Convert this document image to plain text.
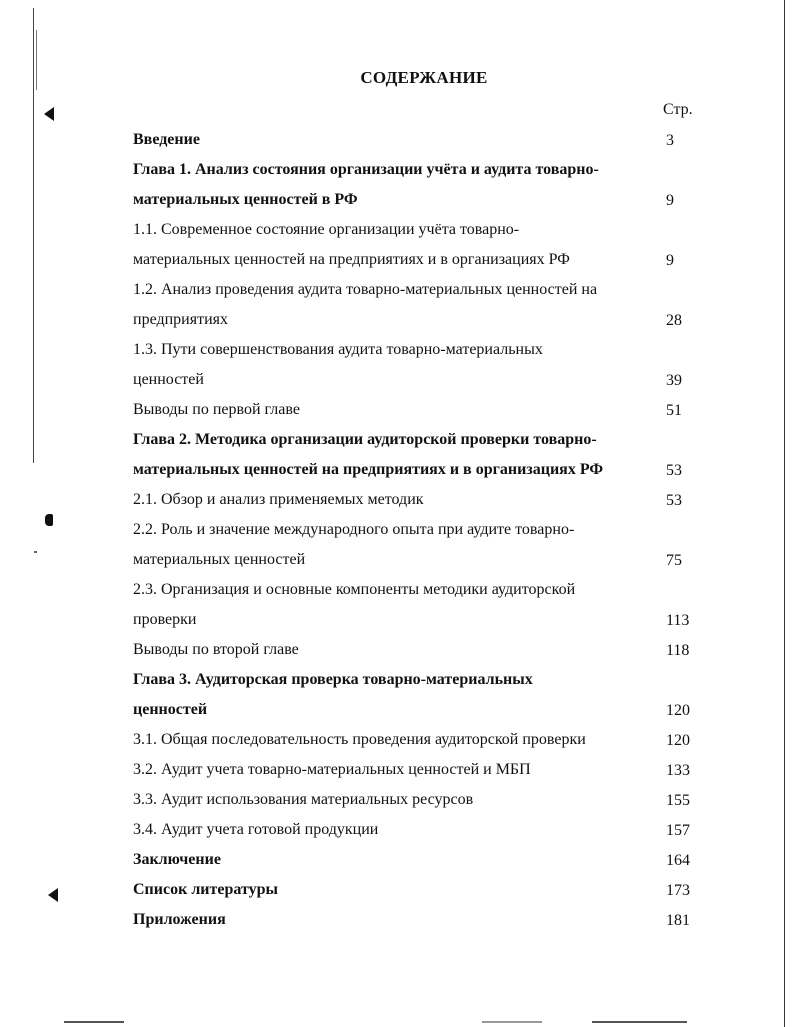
СОДЕРЖАНИЕ
Стр.
Введение	3
Глава 1. Анализ состояния организации учёта и аудита товарно-
материальных ценностей в РФ	9
1.1. Современное состояние организации учёта товарно-
материальных ценностей на предприятиях и в организациях РФ	9
1.2. Анализ проведения аудита товарно-материальных ценностей на
предприятиях	28
1.3. Пути совершенствования аудита товарно-материальных
ценностей	39
Выводы по первой главе	51
Глава 2. Методика организации аудиторской проверки товарно-
материальных ценностей на предприятиях и в организациях РФ	53
2.1. Обзор и анализ применяемых методик	53
2.2. Роль и значение международного опыта при аудите товарно-
материальных ценностей	75
2.3. Организация и основные компоненты методики аудиторской
проверки	113
Выводы по второй главе	118
Глава 3. Аудиторская проверка товарно-материальных
ценностей	120
3.1. Общая последовательность проведения аудиторской проверки	120
3.2. Аудит учета товарно-материальных ценностей и МБП	133
3.3. Аудит использования материальных ресурсов	155
3.4. Аудит учета готовой продукции	157
Заключение	164
Список литературы	173
Приложения	181
